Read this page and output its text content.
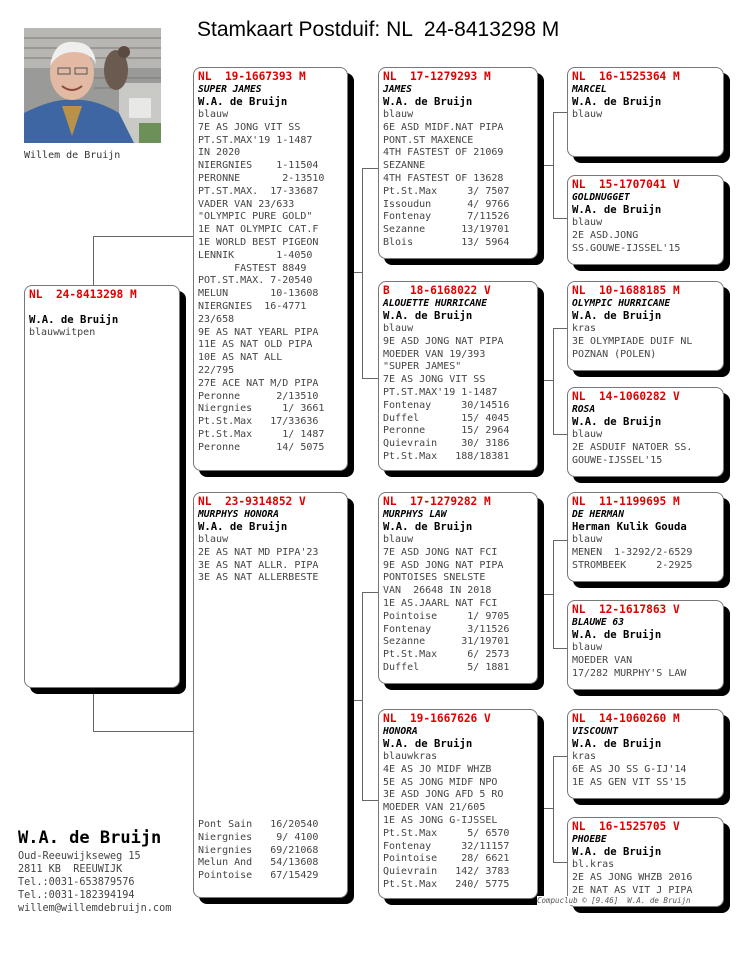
Stamkaart Postduif: NL  24-8413298 M
Willem de Bruijn
NL  24-8413298 M
W.A. de Bruijn
blauwwitpen
NL  19-1667393 M
SUPER JAMES
W.A. de Bruijn
blauw
7E AS JONG VIT SS
PT.ST.MAX'19 1-1487
IN 2020
NIERGNIES    1-11504
PERONNE       2-13510
PT.ST.MAX.  17-33687
VADER VAN 23/633
"OLYMPIC PURE GOLD"
1E NAT OLYMPIC CAT.F
1E WORLD BEST PIGEON
LENNIK       1-4050
FASTEST 8849
POT.ST.MAX. 7-20540
MELUN       10-13608
NIERGNIES  16-4771
23/658
9E AS NAT YEARL PIPA
11E AS NAT OLD PIPA
10E AS NAT ALL
22/795
27E ACE NAT M/D PIPA
Peronne      2/13510
Niergnies     1/ 3661
Pt.St.Max   17/33636
Pt.St.Max     1/ 1487
Peronne      14/ 5075
NL  23-9314852 V
MURPHYS HONORA
W.A. de Bruijn
blauw
2E AS NAT MD PIPA'23
3E AS NAT ALLR. PIPA
3E AS NAT ALLERBESTE
Pont Sain   16/20540
Niergnies    9/ 4100
Niergnies   69/21068
Melun And   54/13608
Pointoise   67/15429
NL  17-1279293 M
JAMES
W.A. de Bruijn
blauw
6E ASD MIDF.NAT PIPA
PONT.ST MAXENCE
4TH FASTEST OF 21069
SEZANNE
4TH FASTEST OF 13628
Pt.St.Max     3/ 7507
Issoudun      4/ 9766
Fontenay      7/11526
Sezanne      13/19701
Blois        13/ 5964
B   18-6168022 V
ALOUETTE HURRICANE
W.A. de Bruijn
blauw
9E ASD JONG NAT PIPA
MOEDER VAN 19/393
"SUPER JAMES"
7E AS JONG VIT SS
PT.ST.MAX'19 1-1487
Fontenay     30/14516
Duffel       15/ 4045
Peronne      15/ 2964
Quievrain    30/ 3186
Pt.St.Max   188/18381
NL  17-1279282 M
MURPHYS LAW
W.A. de Bruijn
blauw
7E ASD JONG NAT FCI
9E ASD JONG NAT PIPA
PONTOISES SNELSTE
VAN  26648 IN 2018
1E AS.JAARL NAT FCI
Pointoise     1/ 9705
Fontenay      3/11526
Sezanne      31/19701
Pt.St.Max     6/ 2573
Duffel        5/ 1881
NL  19-1667626 V
HONORA
W.A. de Bruijn
blauwkras
4E AS JO MIDF WHZB
5E AS JONG MIDF NPO
3E ASD JONG AFD 5 RO
MOEDER VAN 21/605
1E AS JONG G-IJSSEL
Pt.St.Max     5/ 6570
Fontenay     32/11157
Pointoise    28/ 6621
Quievrain   142/ 3783
Pt.St.Max   240/ 5775
NL  16-1525364 M
MARCEL
W.A. de Bruijn
blauw
NL  15-1707041 V
GOLDNUGGET
W.A. de Bruijn
blauw
2E ASD.JONG
SS.GOUWE-IJSSEL'15
NL  10-1688185 M
OLYMPIC HURRICANE
W.A. de Bruijn
kras
3E OLYMPIADE DUIF NL
POZNAN (POLEN)
NL  14-1060282 V
ROSA
W.A. de Bruijn
blauw
2E ASDUIF NATOER SS.
GOUWE-IJSSEL'15
NL  11-1199695 M
DE HERMAN
Herman Kulik Gouda
blauw
MENEN  1-3292/2-6529
STROMBEEK     2-2925
NL  12-1617863 V
BLAUWE 63
W.A. de Bruijn
blauw
MOEDER VAN
17/282 MURPHY'S LAW
NL  14-1060260 M
VISCOUNT
W.A. de Bruijn
kras
6E AS JO SS G-IJ'14
1E AS GEN VIT SS'15
NL  16-1525705 V
PHOEBE
W.A. de Bruijn
bl.kras
2E AS JONG WHZB 2016
2E NAT AS VIT J PIPA
Compuclub © [9.46]  W.A. de Bruijn
W.A. de Bruijn
Oud-Reeuwijkseweg 15
2811 KB  REEUWIJK
Tel.:0031-653879576
Tel.:0031-182394194
willem@willemdebruijn.com
